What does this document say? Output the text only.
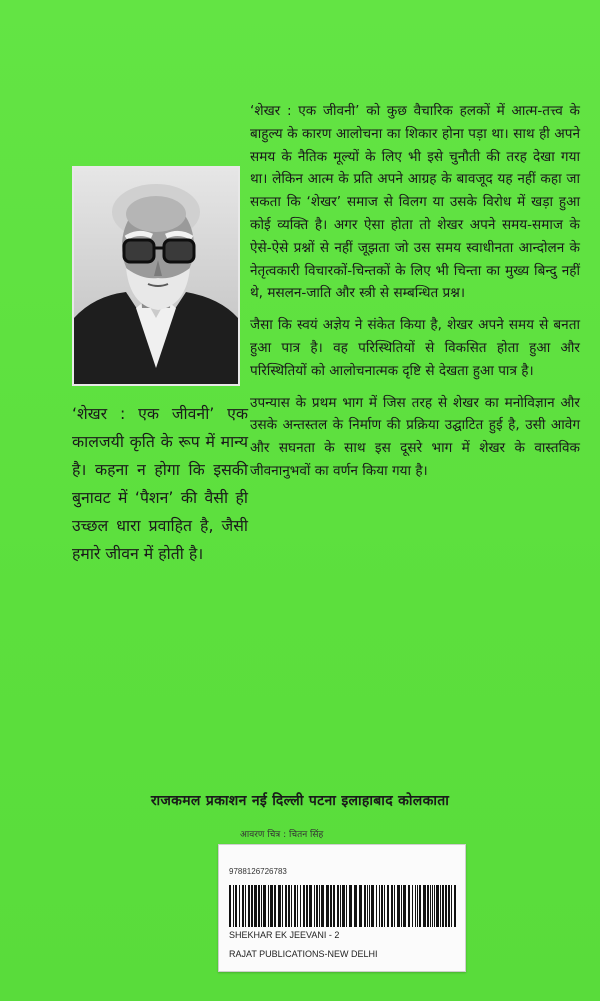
‘शेखर : एक जीवनी’ को कुछ वैचारिक हलकों में आत्म-तत्त्व के बाहुल्य के कारण आलोचना का शिकार होना पड़ा था। साथ ही अपने समय के नैतिक मूल्यों के लिए भी इसे चुनौती की तरह देखा गया था। लेकिन आत्म के प्रति अपने आग्रह के बावजूद यह नहीं कहा जा सकता कि ‘शेखर’ समाज से विलग या उसके विरोध में खड़ा हुआ कोई व्यक्ति है। अगर ऐसा होता तो शेखर अपने समय-समाज के ऐसे-ऐसे प्रश्नों से नहीं जूझता जो उस समय स्वाधीनता आन्दोलन के नेतृत्वकारी विचारकों-चिन्तकों के लिए भी चिन्ता का मुख्य बिन्दु नहीं थे, मसलन-जाति और स्त्री से सम्बन्धित प्रश्न।

जैसा कि स्वयं अज्ञेय ने संकेत किया है, शेखर अपने समय से बनता हुआ पात्र है। वह परिस्थितियों से विकसित होता हुआ और परिस्थितियों को आलोचनात्मक दृष्टि से देखता हुआ पात्र है।

उपन्यास के प्रथम भाग में जिस तरह से शेखर का मनोविज्ञान और उसके अन्तस्तल के निर्माण की प्रक्रिया उद्घाटित हुई है, उसी आवेग और सघनता के साथ इस दूसरे भाग में शेखर के वास्तविक जीवनानुभवों का वर्णन किया गया है।

‘शेखर : एक जीवनी’ एक कालजयी कृति के रूप में मान्य है। कहना न होगा कि इसकी बुनावट में ‘पैशन’ की वैसी ही उच्छल धारा प्रवाहित है, जैसी हमारे जीवन में होती है।

राजकमल प्रकाशन नई दिल्ली पटना इलाहाबाद कोलकाता
आवरण चित्र : चितन सिंह
9788126726783
SHEKHAR EK JEEVANI - 2
RAJAT PUBLICATIONS-NEW DELHI
